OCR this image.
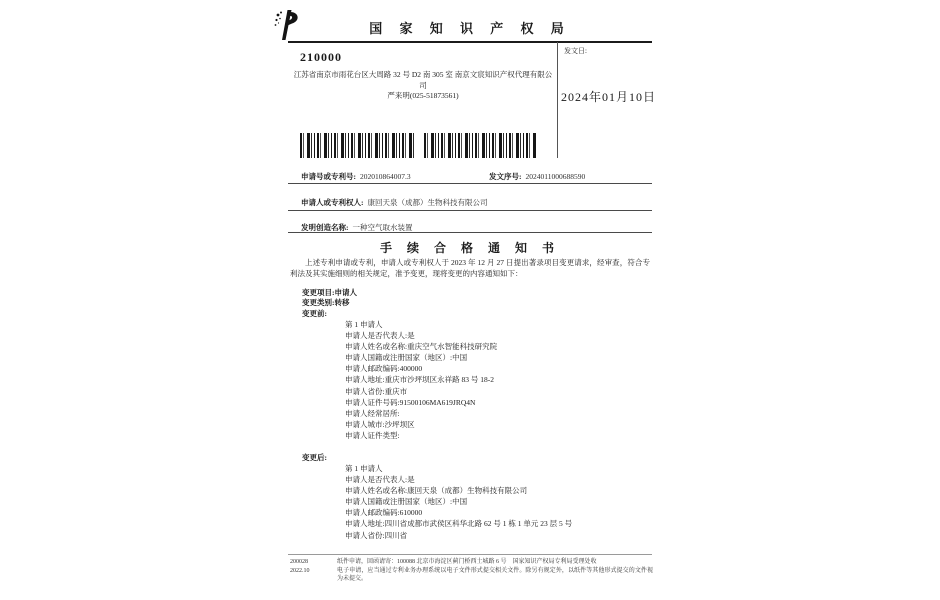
国 家 知 识 产 权 局
210000
江苏省南京市雨花台区大周路 32 号 D2 南 305 室 南京文宸知识产权代理有限公司
严来明(025-51873561)
发文日:
2024年01月10日
申请号或专利号: 202010864007.3	发文序号: 2024011000688590
申请人或专利权人: 康回天泉（成都）生物科技有限公司
发明创造名称: 一种空气取水装置
手 续 合 格 通 知 书
上述专利申请或专利，申请人或专利权人于 2023 年 12 月 27 日提出著录项目变更请求，经审查，符合专利法及其实施细则的相关规定，准予变更，现将变更的内容通知如下：
变更项目:申请人
变更类别:转移
变更前:
第 1 申请人
申请人是否代表人:是
申请人姓名或名称:重庆空气水智能科技研究院
申请人国籍或注册国家（地区）:中国
申请人邮政编码:400000
申请人地址:重庆市沙坪坝区永祥路 83 号 18-2
申请人省份:重庆市
申请人证件号码:91500106MA619JRQ4N
申请人经常居所:
申请人城市:沙坪坝区
申请人证件类型:
变更后:
第 1 申请人
申请人是否代表人:是
申请人姓名或名称:康回天泉（成都）生物科技有限公司
申请人国籍或注册国家（地区）:中国
申请人邮政编码:610000
申请人地址:四川省成都市武侯区科华北路 62 号 1 栋 1 单元 23 层 5 号
申请人省份:四川省
200028
2022.10
纸件申请，回函请寄：100088 北京市海淀区蓟门桥西土城路 6 号　国家知识产权局专利局受理处收
电子申请，应当通过专利业务办理系统以电子文件形式提交相关文件。除另有规定外，以纸件等其他形式提交的文件视为未提交。
